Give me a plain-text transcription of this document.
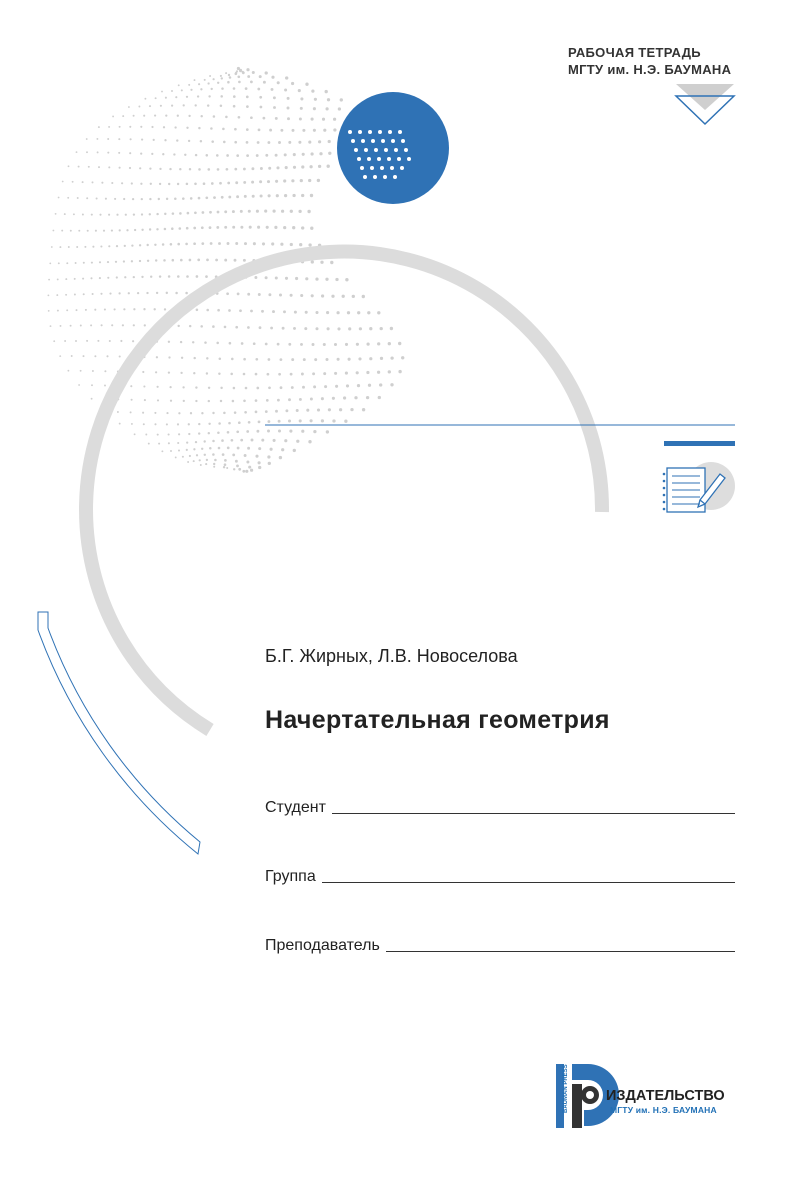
РАБОЧАЯ ТЕТРАДЬ
МГТУ им. Н.Э. БАУМАНА
Б.Г. Жирных, Л.В. Новоселова
Начертательная геометрия
Студент
Группа
Преподаватель
BAUMAN PRESS	ИЗДАТЕЛЬСТВО
МГТУ им. Н.Э. БАУМАНА
